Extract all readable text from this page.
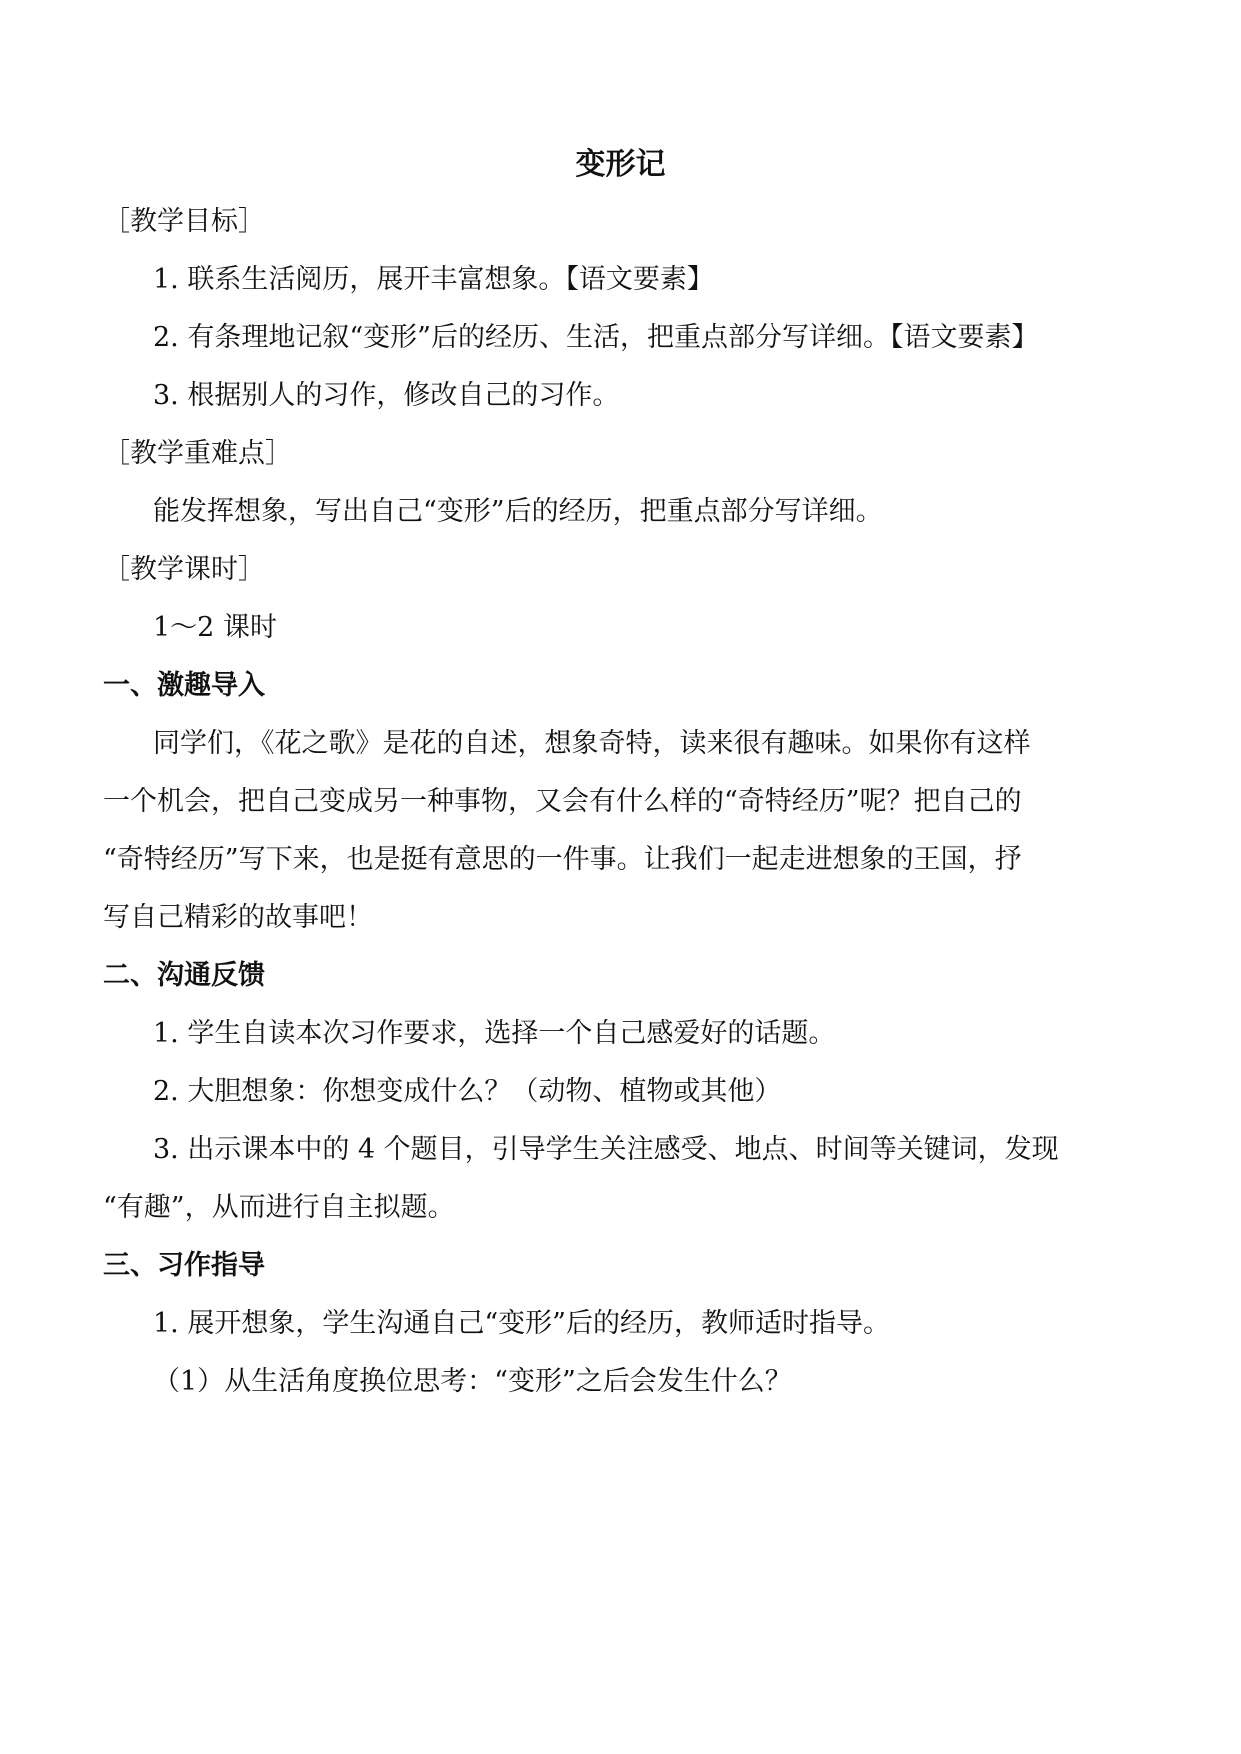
变形记
［教学目标］
1. 联系生活阅历，展开丰富想象。【语文要素】
2. 有条理地记叙“变形”后的经历、生活，把重点部分写详细。【语文要素】
3. 根据别人的习作，修改自己的习作。
［教学重难点］
能发挥想象，写出自己“变形”后的经历，把重点部分写详细。
［教学课时］
1～2 课时
一、激趣导入
同学们，《花之歌》是花的自述，想象奇特，读来很有趣味。如果你有这样
一个机会，把自己变成另一种事物，又会有什么样的“奇特经历”呢？把自己的
“奇特经历”写下来，也是挺有意思的一件事。让我们一起走进想象的王国，抒
写自己精彩的故事吧！
二、沟通反馈
1. 学生自读本次习作要求，选择一个自己感爱好的话题。
2. 大胆想象：你想变成什么？（动物、植物或其他）
3. 出示课本中的 4 个题目，引导学生关注感受、地点、时间等关键词，发现
“有趣”，从而进行自主拟题。
三、习作指导
1. 展开想象，学生沟通自己“变形”后的经历，教师适时指导。
（1）从生活角度换位思考：“变形”之后会发生什么？
